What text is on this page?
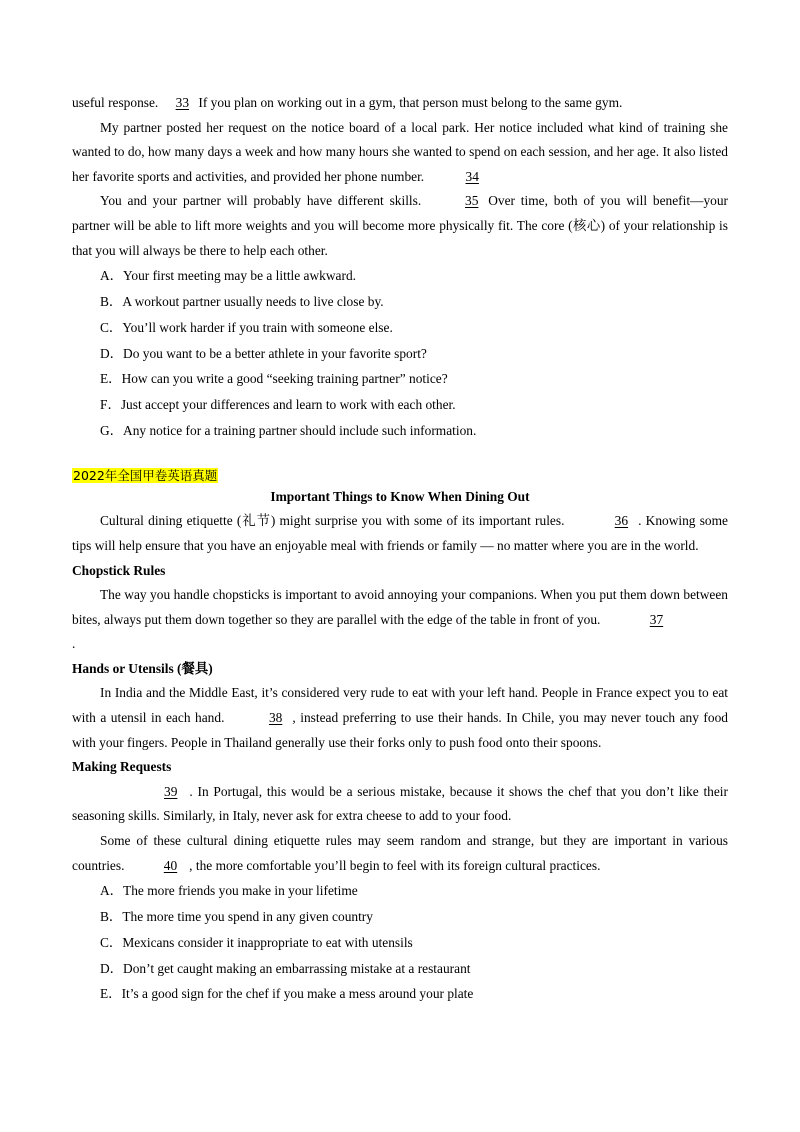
useful response. 33 If you plan on working out in a gym, that person must belong to the same gym.

My partner posted her request on the notice board of a local park. Her notice included what kind of training she wanted to do, how many days a week and how many hours she wanted to spend on each session, and her age. It also listed her favorite sports and activities, and provided her phone number.	34

You and your partner will probably have different skills.	35 Over time, both of you will benefit—your partner will be able to lift more weights and you will become more physically fit. The core (核心) of your relationship is that you will always be there to help each other.

A．Your first meeting may be a little awkward.

B．A workout partner usually needs to live close by.

C．You’ll work harder if you train with someone else.

D．Do you want to be a better athlete in your favorite sport?

E．How can you write a good “seeking training partner” notice?

F．Just accept your differences and learn to work with each other.

G．Any notice for a training partner should include such information.

2022年全国甲卷英语真题

Important Things to Know When Dining Out

Cultural dining etiquette (礼节) might surprise you with some of its important rules.	36 . Knowing some tips will help ensure that you have an enjoyable meal with friends or family — no matter where you are in the world.

Chopstick Rules

The way you handle chopsticks is important to avoid annoying your companions. When you put them down between bites, always put them down together so they are parallel with the edge of the table in front of you.	37

.

Hands or Utensils (餐具)

In India and the Middle East, it’s considered very rude to eat with your left hand. People in France expect you to eat with a utensil in each hand.	38 , instead preferring to use their hands. In Chile, you may never touch any food with your fingers. People in Thailand generally use their forks only to push food onto their spoons.

Making Requests

39 . In Portugal, this would be a serious mistake, because it shows the chef that you don’t like their seasoning skills. Similarly, in Italy, never ask for extra cheese to add to your food.

Some of these cultural dining etiquette rules may seem random and strange, but they are important in various countries.	40 , the more comfortable you’ll begin to feel with its foreign cultural practices.

A．The more friends you make in your lifetime

B．The more time you spend in any given country

C．Mexicans consider it inappropriate to eat with utensils

D．Don’t get caught making an embarrassing mistake at a restaurant

E．It’s a good sign for the chef if you make a mess around your plate
